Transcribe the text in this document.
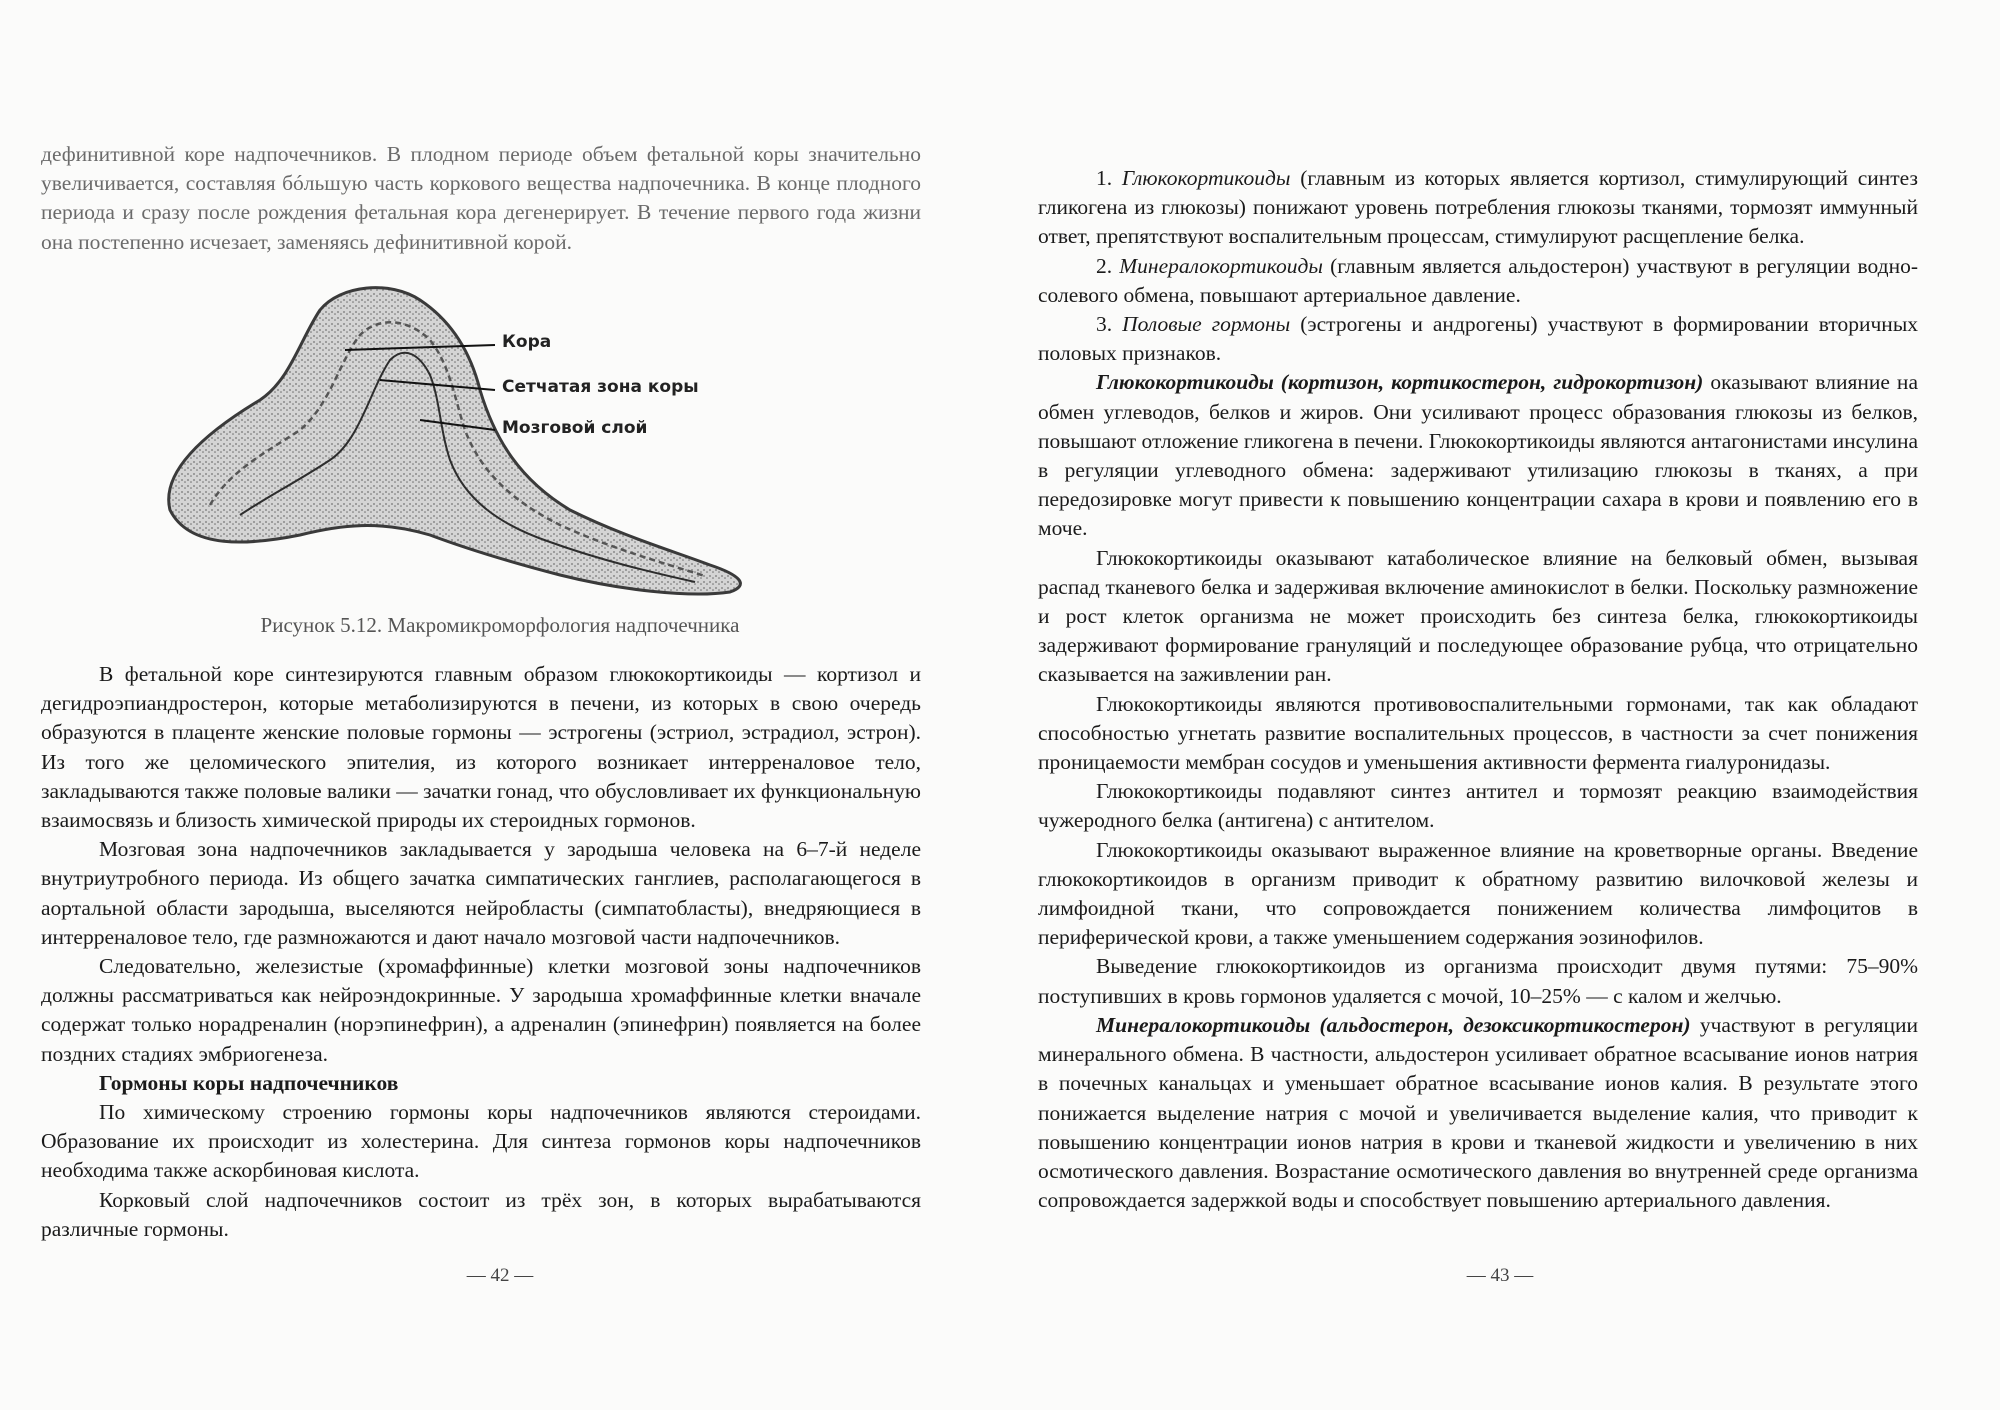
дефинитивной коре надпочечников. В плодном периоде объем фетальной коры значительно увеличивается, составляя бóльшую часть коркового вещества надпочечника. В конце плодного периода и сразу после рождения фетальная кора дегенерирует. В течение первого года жизни она постепенно исчезает, заменяясь дефинитивной корой.

Кора
Сетчатая зона коры
Мозговой слой
Рисунок 5.12. Макромикроморфология надпочечника

В фетальной коре синтезируются главным образом глюкокортикоиды — кортизол и дегидроэпиандростерон, которые метаболизируются в печени, из которых в свою очередь образуются в плаценте женские половые гормоны — эстрогены (эстриол, эстрадиол, эстрон). Из того же целомического эпителия, из которого возникает интерреналовое тело, закладываются также половые валики — зачатки гонад, что обусловливает их функциональную взаимосвязь и близость химической природы их стероидных гормонов.

Мозговая зона надпочечников закладывается у зародыша человека на 6–7-й неделе внутриутробного периода. Из общего зачатка симпатических ганглиев, располагающегося в аортальной области зародыша, выселяются нейробласты (симпатобласты), внедряющиеся в интерреналовое тело, где размножаются и дают начало мозговой части надпочечников.

Следовательно, железистые (хромаффинные) клетки мозговой зоны надпочечников должны рассматриваться как нейроэндокринные. У зародыша хромаффинные клетки вначале содержат только норадреналин (норэпинефрин), а адреналин (эпинефрин) появляется на более поздних стадиях эмбриогенеза.

Гормоны коры надпочечников

По химическому строению гормоны коры надпочечников являются стероидами. Образование их происходит из холестерина. Для синтеза гормонов коры надпочечников необходима также аскорбиновая кислота.

Корковый слой надпочечников состоит из трёх зон, в которых вырабатываются различные гормоны.

— 42 —

1. Глюкокортикоиды (главным из которых является кортизол, стимулирующий синтез гликогена из глюкозы) понижают уровень потребления глюкозы тканями, тормозят иммунный ответ, препятствуют воспалительным процессам, стимулируют расщепление белка.

2. Минералокортикоиды (главным является альдостерон) участвуют в регуляции водно-солевого обмена, повышают артериальное давление.

3. Половые гормоны (эстрогены и андрогены) участвуют в формировании вторичных половых признаков.

Глюкокортикоиды (кортизон, кортикостерон, гидрокортизон) оказывают влияние на обмен углеводов, белков и жиров. Они усиливают процесс образования глюкозы из белков, повышают отложение гликогена в печени. Глюкокортикоиды являются антагонистами инсулина в регуляции углеводного обмена: задерживают утилизацию глюкозы в тканях, а при передозировке могут привести к повышению концентрации сахара в крови и появлению его в моче.

Глюкокортикоиды оказывают катаболическое влияние на белковый обмен, вызывая распад тканевого белка и задерживая включение аминокислот в белки. Поскольку размножение и рост клеток организма не может происходить без синтеза белка, глюкокортикоиды задерживают формирование грануляций и последующее образование рубца, что отрицательно сказывается на заживлении ран.

Глюкокортикоиды являются противовоспалительными гормонами, так как обладают способностью угнетать развитие воспалительных процессов, в частности за счет понижения проницаемости мембран сосудов и уменьшения активности фермента гиалуронидазы.

Глюкокортикоиды подавляют синтез антител и тормозят реакцию взаимодействия чужеродного белка (антигена) с антителом.

Глюкокортикоиды оказывают выраженное влияние на кроветворные органы. Введение глюкокортикоидов в организм приводит к обратному развитию вилочковой железы и лимфоидной ткани, что сопровождается понижением количества лимфоцитов в периферической крови, а также уменьшением содержания эозинофилов.

Выведение глюкокортикоидов из организма происходит двумя путями: 75–90% поступивших в кровь гормонов удаляется с мочой, 10–25% — с калом и желчью.

Минералокортикоиды (альдостерон, дезоксикортикостерон) участвуют в регуляции минерального обмена. В частности, альдостерон усиливает обратное всасывание ионов натрия в почечных канальцах и уменьшает обратное всасывание ионов калия. В результате этого понижается выделение натрия с мочой и увеличивается выделение калия, что приводит к повышению концентрации ионов натрия в крови и тканевой жидкости и увеличению в них осмотического давления. Возрастание осмотического давления во внутренней среде организма сопровождается задержкой воды и способствует повышению артериального давления.

— 43 —
